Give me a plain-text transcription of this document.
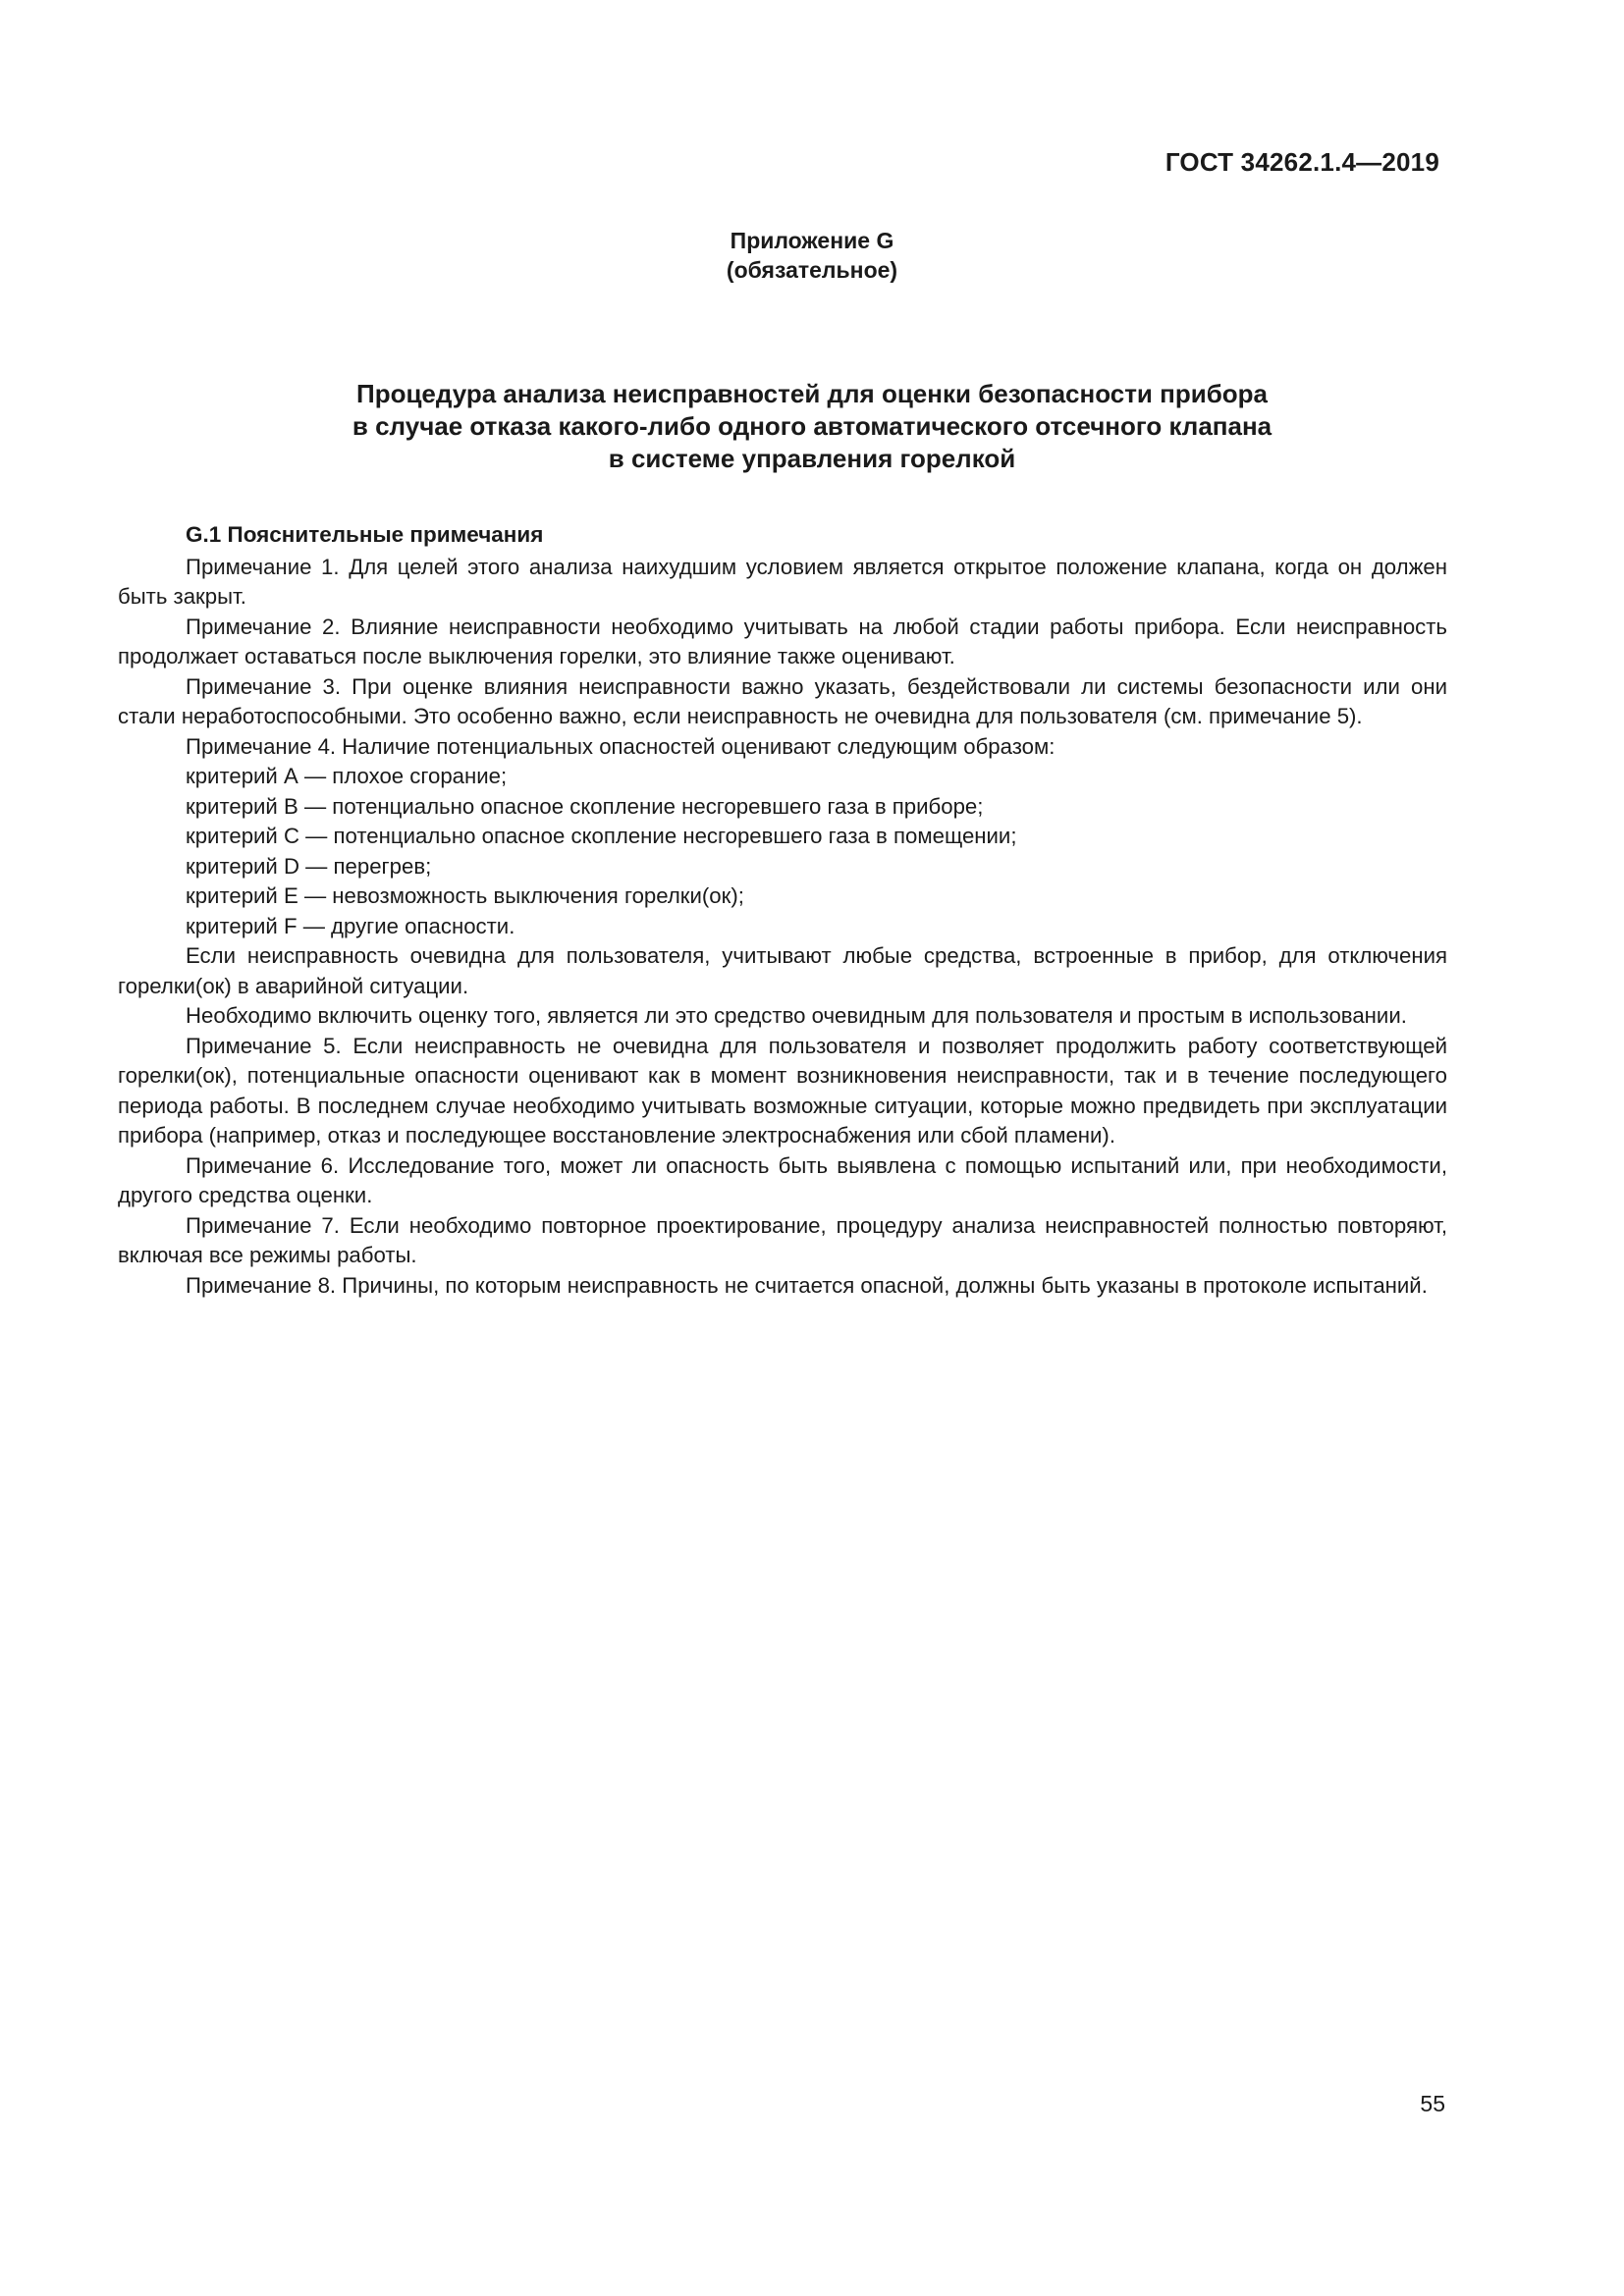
ГОСТ 34262.1.4—2019
Приложение G
(обязательное)
Процедура анализа неисправностей для оценки безопасности прибора
в случае отказа какого-либо одного автоматического отсечного клапана
в системе управления горелкой
G.1 Пояснительные примечания

Примечание 1. Для целей этого анализа наихудшим условием является открытое положение клапана, когда он должен быть закрыт.

Примечание 2. Влияние неисправности необходимо учитывать на любой стадии работы прибора. Если неисправность продолжает оставаться после выключения горелки, это влияние также оценивают.

Примечание 3. При оценке влияния неисправности важно указать, бездействовали ли системы безопасности или они стали неработоспособными. Это особенно важно, если неисправность не очевидна для пользователя (см. примечание 5).

Примечание 4. Наличие потенциальных опасностей оценивают следующим образом:

критерий А — плохое сгорание;

критерий В — потенциально опасное скопление несгоревшего газа в приборе;

критерий С — потенциально опасное скопление несгоревшего газа в помещении;

критерий D — перегрев;

критерий Е — невозможность выключения горелки(ок);

критерий F — другие опасности.

Если неисправность очевидна для пользователя, учитывают любые средства, встроенные в прибор, для отключения горелки(ок) в аварийной ситуации.

Необходимо включить оценку того, является ли это средство очевидным для пользователя и простым в использовании.

Примечание 5. Если неисправность не очевидна для пользователя и позволяет продолжить работу соответствующей горелки(ок), потенциальные опасности оценивают как в момент возникновения неисправности, так и в течение последующего периода работы. В последнем случае необходимо учитывать возможные ситуации, которые можно предвидеть при эксплуатации прибора (например, отказ и последующее восстановление электроснабжения или сбой пламени).

Примечание 6. Исследование того, может ли опасность быть выявлена с помощью испытаний или, при необходимости, другого средства оценки.

Примечание 7. Если необходимо повторное проектирование, процедуру анализа неисправностей полностью повторяют, включая все режимы работы.

Примечание 8. Причины, по которым неисправность не считается опасной, должны быть указаны в протоколе испытаний.

55
